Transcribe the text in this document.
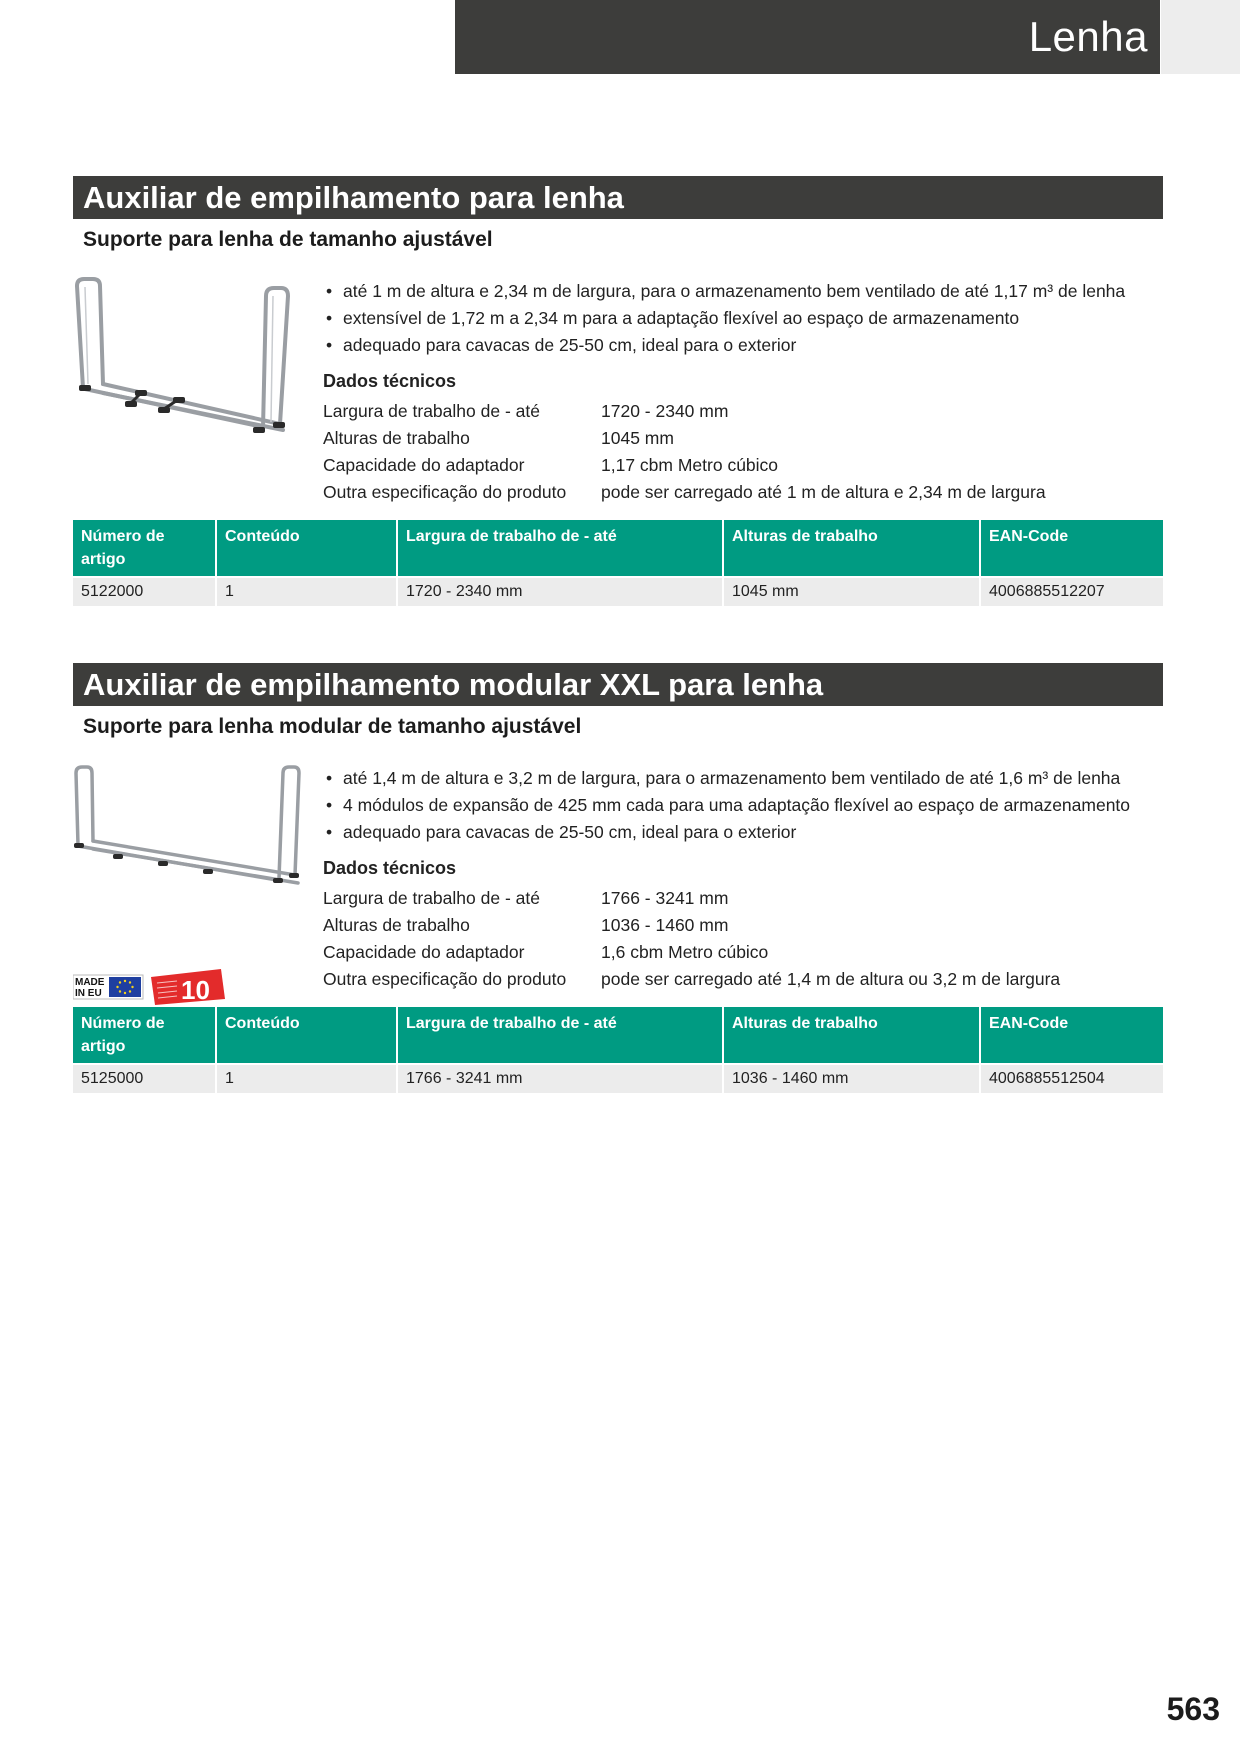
Lenha
Auxiliar de empilhamento para lenha
Suporte para lenha de tamanho ajustável
• até 1 m de altura e 2,34 m de largura, para o armazenamento bem ventilado de até 1,17 m³ de lenha
• extensível de 1,72 m a 2,34 m para a adaptação flexível ao espaço de armazenamento
• adequado para cavacas de 25-50 cm, ideal para o exterior
Dados técnicos
Largura de trabalho de - até	1720 - 2340 mm
Alturas de trabalho	1045 mm
Capacidade do adaptador	1,17 cbm Metro cúbico
Outra especificação do produto	pode ser carregado até 1 m de altura e 2,34 m de largura
Número de artigo	Conteúdo	Largura de trabalho de - até	Alturas de trabalho	EAN-Code
5122000	1	1720 - 2340 mm	1045 mm	4006885512207
Auxiliar de empilhamento modular XXL para lenha
Suporte para lenha modular de tamanho ajustável
MADE
IN EU	10
• até 1,4 m de altura e 3,2 m de largura, para o armazenamento bem ventilado de até 1,6 m³ de lenha
• 4 módulos de expansão de 425 mm cada para uma adaptação flexível ao espaço de armazenamento
• adequado para cavacas de 25-50 cm, ideal para o exterior
Dados técnicos
Largura de trabalho de - até	1766 - 3241 mm
Alturas de trabalho	1036 - 1460 mm
Capacidade do adaptador	1,6 cbm Metro cúbico
Outra especificação do produto	pode ser carregado até 1,4 m de altura ou 3,2 m de largura
Número de artigo	Conteúdo	Largura de trabalho de - até	Alturas de trabalho	EAN-Code
5125000	1	1766 - 3241 mm	1036 - 1460 mm	4006885512504
563
